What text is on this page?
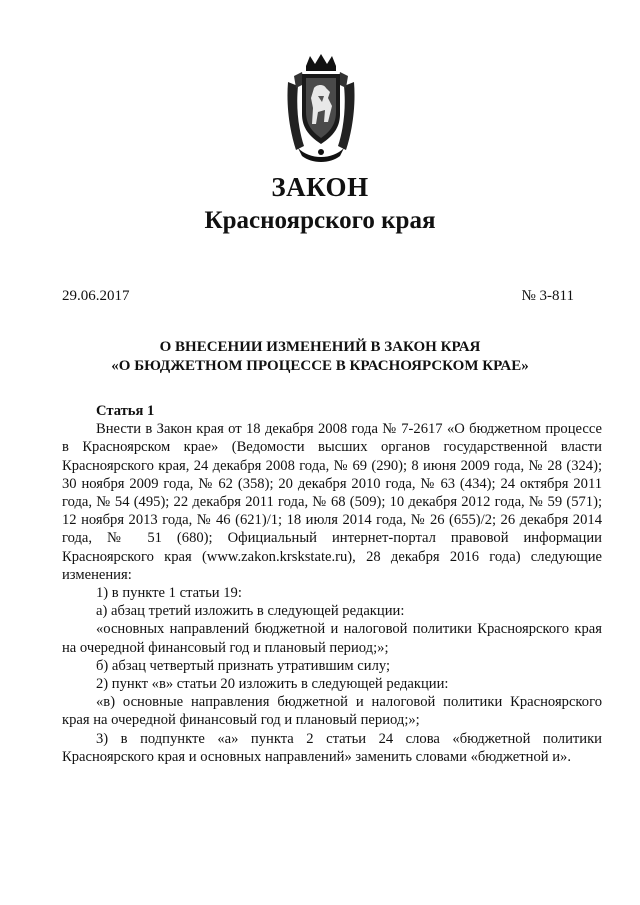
ЗАКОН
Красноярского края
29.06.2017	№ 3-811
О ВНЕСЕНИИ ИЗМЕНЕНИЙ В ЗАКОН КРАЯ
«О БЮДЖЕТНОМ ПРОЦЕССЕ В КРАСНОЯРСКОМ КРАЕ»

Статья 1

Внести в Закон края от 18 декабря 2008 года № 7-2617 «О бюджетном процессе в Красноярском крае» (Ведомости высших органов государственной власти Красноярского края, 24 декабря 2008 года, № 69 (290); 8 июня 2009 года, № 28 (324); 30 ноября 2009 года, № 62 (358); 20 декабря 2010 года, № 63 (434); 24 октября 2011 года, № 54 (495); 22 декабря 2011 года, № 68 (509); 10 декабря 2012 года, № 59 (571); 12 ноября 2013 года, № 46 (621)/1; 18 июля 2014 года, № 26 (655)/2; 26 декабря 2014 года, № 51 (680); Официальный интернет-портал правовой информации Красноярского края (www.zakon.krskstate.ru), 28 декабря 2016 года) следующие изменения:

1) в пункте 1 статьи 19:

а) абзац третий изложить в следующей редакции:

«основных направлений бюджетной и налоговой политики Красноярского края на очередной финансовый год и плановый период;»;

б) абзац четвертый признать утратившим силу;

2) пункт «в» статьи 20 изложить в следующей редакции:

«в) основные направления бюджетной и налоговой политики Красноярского края на очередной финансовый год и плановый период;»;

3) в подпункте «а» пункта 2 статьи 24 слова «бюджетной политики Красноярского края и основных направлений» заменить словами «бюджетной и».
